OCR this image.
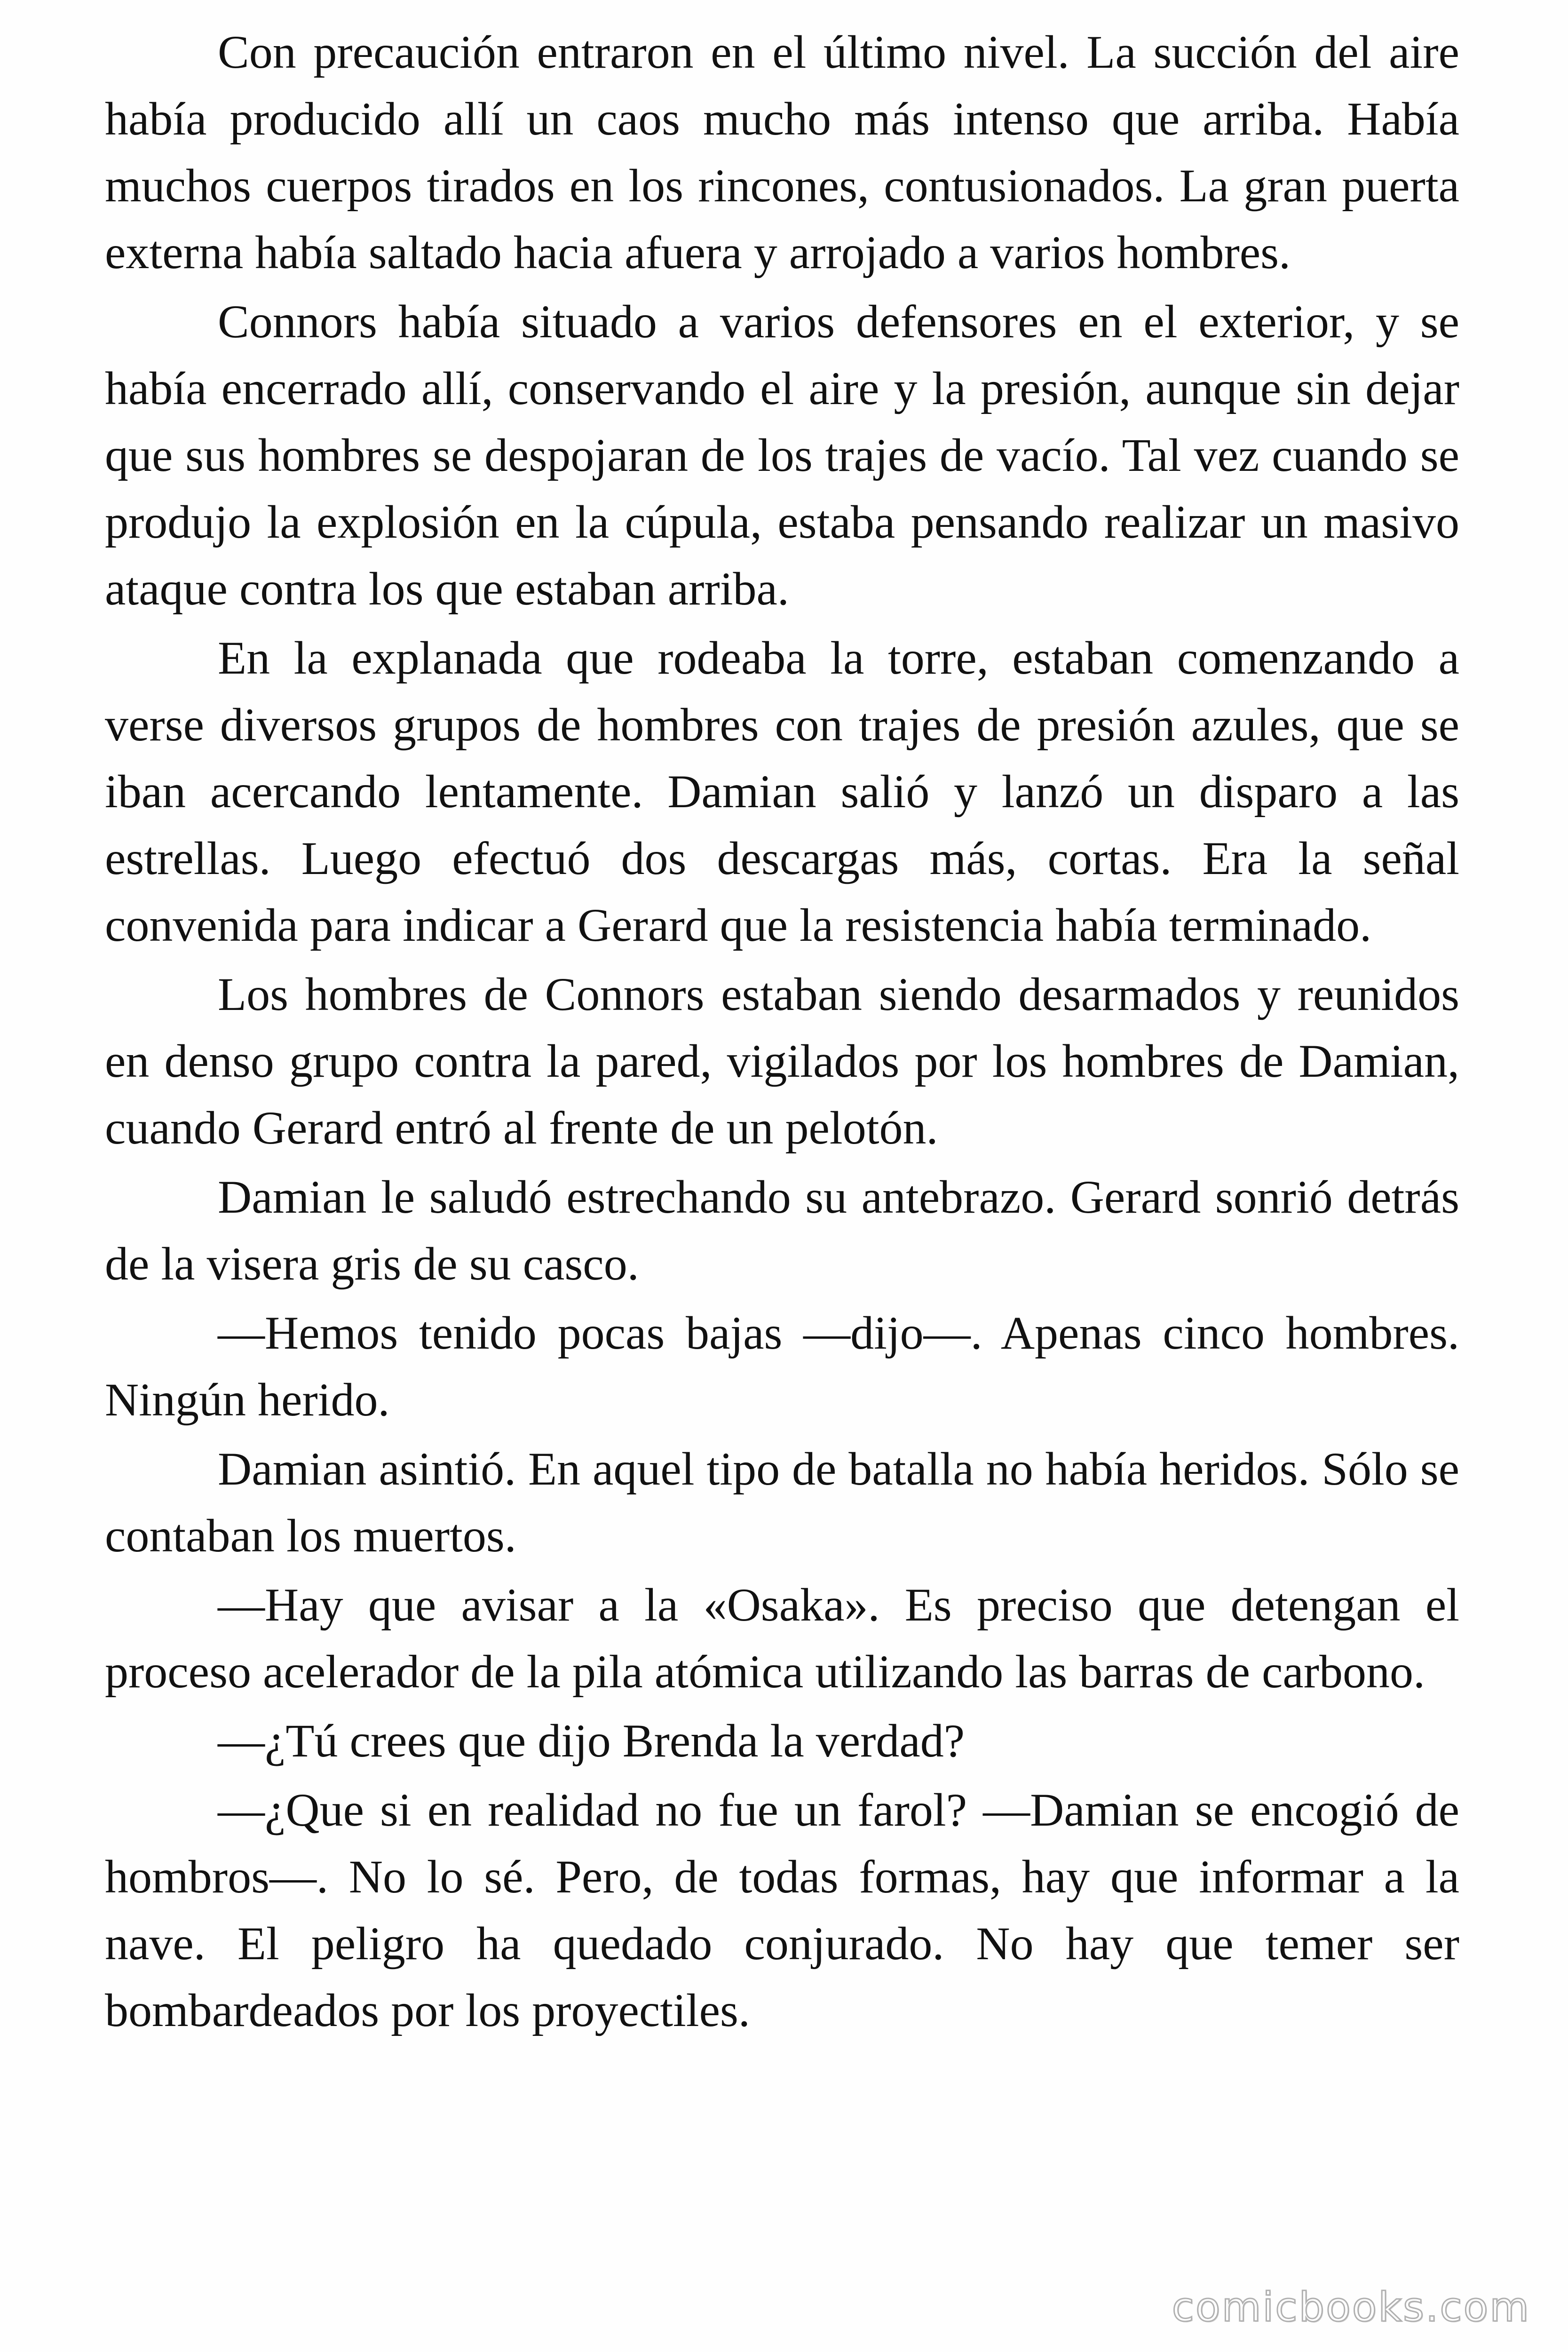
Con precaución entraron en el último nivel. La succión del aire había producido allí un caos mucho más intenso que arriba. Había muchos cuerpos tirados en los rincones, contusionados. La gran puerta externa había saltado hacia afuera y arrojado a varios hombres.

Connors había situado a varios defensores en el exterior, y se había encerrado allí, conservando el aire y la presión, aunque sin dejar que sus hombres se despojaran de los trajes de vacío. Tal vez cuando se produjo la explosión en la cúpula, estaba pensando realizar un masivo ataque contra los que estaban arriba.

En la explanada que rodeaba la torre, estaban comenzando a verse diversos grupos de hombres con trajes de presión azules, que se iban acercando lentamente. Damian salió y lanzó un disparo a las estrellas. Luego efectuó dos descargas más, cortas. Era la señal convenida para indicar a Gerard que la resistencia había terminado.

Los hombres de Connors estaban siendo desarmados y reunidos en denso grupo contra la pared, vigilados por los hombres de Damian, cuando Gerard entró al frente de un pelotón.

Damian le saludó estrechando su antebrazo. Gerard sonrió detrás de la visera gris de su casco.

—Hemos tenido pocas bajas —dijo—. Apenas cinco hombres. Ningún herido.

Damian asintió. En aquel tipo de batalla no había heridos. Sólo se contaban los muertos.

—Hay que avisar a la «Osaka». Es preciso que detengan el proceso acelerador de la pila atómica utilizando las barras de carbono.

—¿Tú crees que dijo Brenda la verdad?

—¿Que si en realidad no fue un farol? —Damian se encogió de hombros—. No lo sé. Pero, de todas formas, hay que informar a la nave. El peligro ha quedado conjurado. No hay que temer ser bombardeados por los proyectiles.

comicbooks.com
